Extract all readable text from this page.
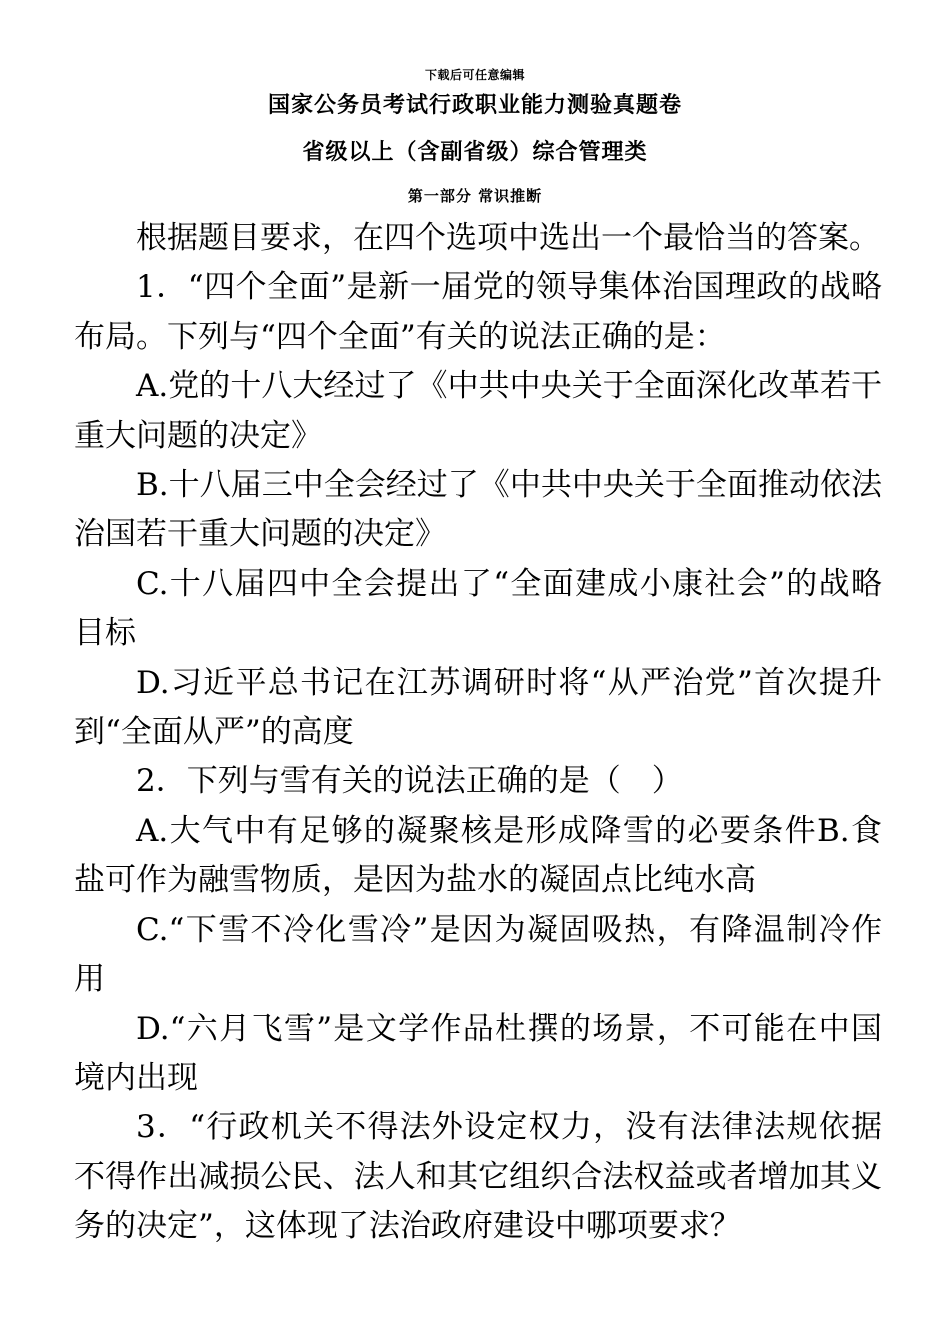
下载后可任意编辑
国家公务员考试行政职业能力测验真题卷
省级以上（含副省级）综合管理类
第一部分 常识推断

根据题目要求，在四个选项中选出一个最恰当的答案。

1．“四个全面”是新一届党的领导集体治国理政的战略布局。下列与“四个全面”有关的说法正确的是：

A.党的十八大经过了《中共中央关于全面深化改革若干重大问题的决定》

B.十八届三中全会经过了《中共中央关于全面推动依法治国若干重大问题的决定》

C.十八届四中全会提出了“全面建成小康社会”的战略目标

D.习近平总书记在江苏调研时将“从严治党”首次提升到“全面从严”的高度

2．下列与雪有关的说法正确的是（　）

A.大气中有足够的凝聚核是形成降雪的必要条件B.食盐可作为融雪物质，是因为盐水的凝固点比纯水高

C.“下雪不冷化雪冷”是因为凝固吸热，有降温制冷作用

D.“六月飞雪”是文学作品杜撰的场景，不可能在中国境内出现

3．“行政机关不得法外设定权力，没有法律法规依据不得作出减损公民、法人和其它组织合法权益或者增加其义务的决定”，这体现了法治政府建设中哪项要求？
